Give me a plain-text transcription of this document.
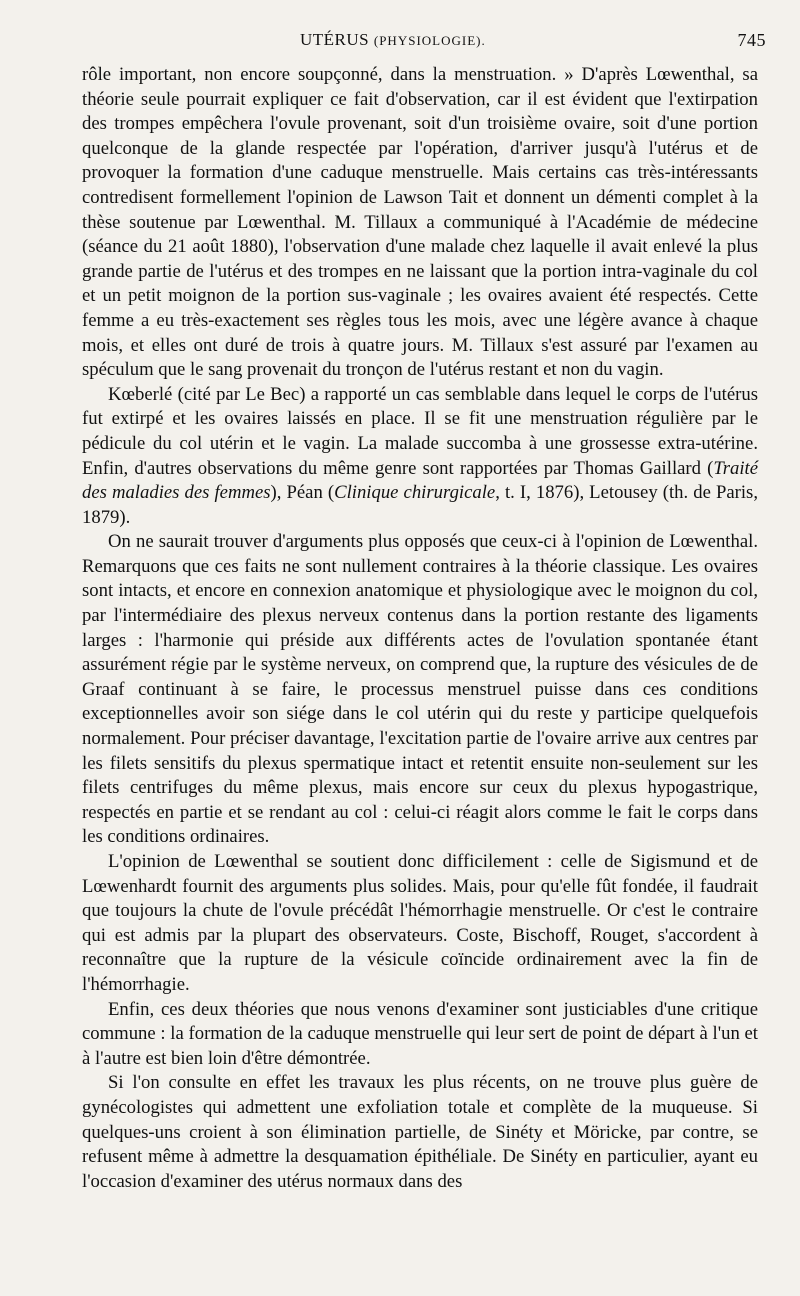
UTÉRUS (PHYSIOLOGIE).	745

rôle important, non encore soupçonné, dans la menstruation. » D'après Lœwenthal, sa théorie seule pourrait expliquer ce fait d'observation, car il est évident que l'extirpation des trompes empêchera l'ovule provenant, soit d'un troisième ovaire, soit d'une portion quelconque de la glande respectée par l'opération, d'arriver jusqu'à l'utérus et de provoquer la formation d'une caduque menstruelle. Mais certains cas très-intéressants contredisent formellement l'opinion de Lawson Tait et donnent un démenti complet à la thèse soutenue par Lœwenthal. M. Tillaux a communiqué à l'Académie de médecine (séance du 21 août 1880), l'observation d'une malade chez laquelle il avait enlevé la plus grande partie de l'utérus et des trompes en ne laissant que la portion intra-vaginale du col et un petit moignon de la portion sus-vaginale ; les ovaires avaient été respectés. Cette femme a eu très-exactement ses règles tous les mois, avec une légère avance à chaque mois, et elles ont duré de trois à quatre jours. M. Tillaux s'est assuré par l'examen au spéculum que le sang provenait du tronçon de l'utérus restant et non du vagin.

Kœberlé (cité par Le Bec) a rapporté un cas semblable dans lequel le corps de l'utérus fut extirpé et les ovaires laissés en place. Il se fit une menstruation régulière par le pédicule du col utérin et le vagin. La malade succomba à une grossesse extra-utérine. Enfin, d'autres observations du même genre sont rapportées par Thomas Gaillard (Traité des maladies des femmes), Péan (Clinique chirurgicale, t. I, 1876), Letousey (th. de Paris, 1879).

On ne saurait trouver d'arguments plus opposés que ceux-ci à l'opinion de Lœwenthal. Remarquons que ces faits ne sont nullement contraires à la théorie classique. Les ovaires sont intacts, et encore en connexion anatomique et physiologique avec le moignon du col, par l'intermédiaire des plexus nerveux contenus dans la portion restante des ligaments larges : l'harmonie qui préside aux différents actes de l'ovulation spontanée étant assurément régie par le système nerveux, on comprend que, la rupture des vésicules de de Graaf continuant à se faire, le processus menstruel puisse dans ces conditions exceptionnelles avoir son siége dans le col utérin qui du reste y participe quelquefois normalement. Pour préciser davantage, l'excitation partie de l'ovaire arrive aux centres par les filets sensitifs du plexus spermatique intact et retentit ensuite non-seulement sur les filets centrifuges du même plexus, mais encore sur ceux du plexus hypogastrique, respectés en partie et se rendant au col : celui-ci réagit alors comme le fait le corps dans les conditions ordinaires.

L'opinion de Lœwenthal se soutient donc difficilement : celle de Sigismund et de Lœwenhardt fournit des arguments plus solides. Mais, pour qu'elle fût fondée, il faudrait que toujours la chute de l'ovule précédât l'hémorrhagie menstruelle. Or c'est le contraire qui est admis par la plupart des observateurs. Coste, Bischoff, Rouget, s'accordent à reconnaître que la rupture de la vésicule coïncide ordinairement avec la fin de l'hémorrhagie.

Enfin, ces deux théories que nous venons d'examiner sont justiciables d'une critique commune : la formation de la caduque menstruelle qui leur sert de point de départ à l'un et à l'autre est bien loin d'être démontrée.

Si l'on consulte en effet les travaux les plus récents, on ne trouve plus guère de gynécologistes qui admettent une exfoliation totale et complète de la muqueuse. Si quelques-uns croient à son élimination partielle, de Sinéty et Möricke, par contre, se refusent même à admettre la desquamation épithéliale. De Sinéty en particulier, ayant eu l'occasion d'examiner des utérus normaux dans des
